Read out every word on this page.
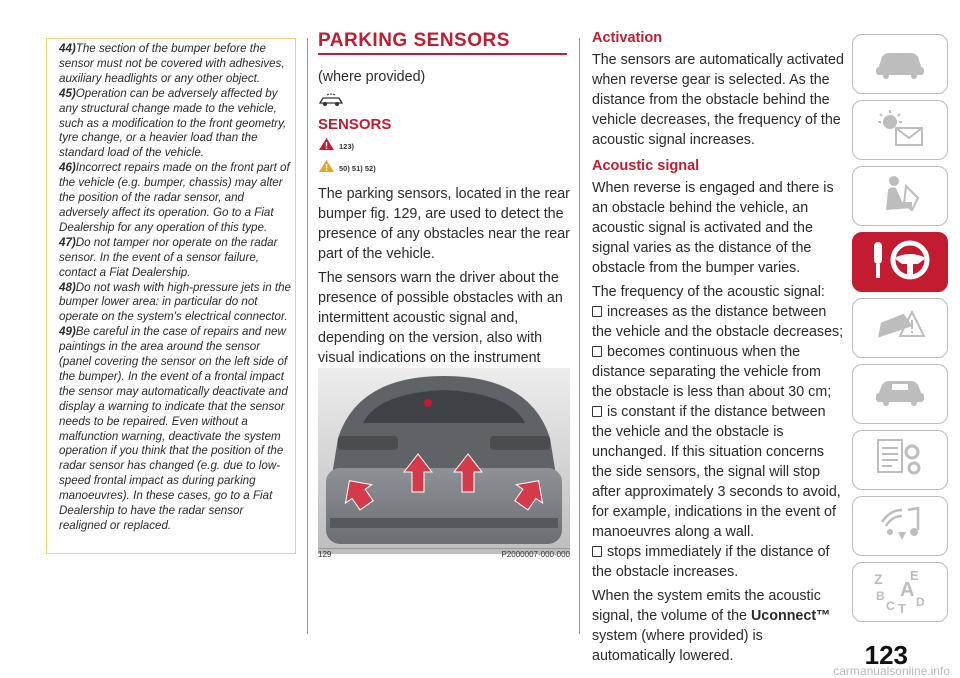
44)The section of the bumper before the sensor must not be covered with adhesives, auxiliary headlights or any other object.

45)Operation can be adversely affected by any structural change made to the vehicle, such as a modification to the front geometry, tyre change, or a heavier load than the standard load of the vehicle.

46)Incorrect repairs made on the front part of the vehicle (e.g. bumper, chassis) may alter the position of the radar sensor, and adversely affect its operation. Go to a Fiat Dealership for any operation of this type.

47)Do not tamper nor operate on the radar sensor. In the event of a sensor failure, contact a Fiat Dealership.

48)Do not wash with high-pressure jets in the bumper lower area: in particular do not operate on the system's electrical connector.

49)Be careful in the case of repairs and new paintings in the area around the sensor (panel covering the sensor on the left side of the bumper). In the event of a frontal impact the sensor may automatically deactivate and display a warning to indicate that the sensor needs to be repaired. Even without a malfunction warning, deactivate the system operation if you think that the position of the radar sensor has changed (e.g. due to low-speed frontal impact as during parking manoeuvres). In these cases, go to a Fiat Dealership to have the radar sensor realigned or replaced.

PARKING SENSORS

(where provided)

SENSORS
123)
50) 51) 52)

The parking sensors, located in the rear bumper fig. 129, are used to detect the presence of any obstacles near the rear part of the vehicle.

The sensors warn the driver about the presence of possible obstacles with an intermittent acoustic signal and, depending on the version, also with visual indications on the instrument

129	P2000007-000-000
Activation

The sensors are automatically activated when reverse gear is selected. As the distance from the obstacle behind the vehicle decreases, the frequency of the acoustic signal increases.

Acoustic signal

When reverse is engaged and there is an obstacle behind the vehicle, an acoustic signal is activated and the signal varies as the distance of the obstacle from the bumper varies.

The frequency of the acoustic signal:

increases as the distance between the vehicle and the obstacle decreases;

becomes continuous when the distance separating the vehicle from the obstacle is less than about 30 cm;

is constant if the distance between the vehicle and the obstacle is unchanged. If this situation concerns the side sensors, the signal will stop after approximately 3 seconds to avoid, for example, indications in the event of manoeuvres along a wall.

stops immediately if the distance of the obstacle increases.

When the system emits the acoustic signal, the volume of the Uconnect™ system (where provided) is automatically lowered.

Z E
A
B
C D
T
123
carmanualsonline.info
